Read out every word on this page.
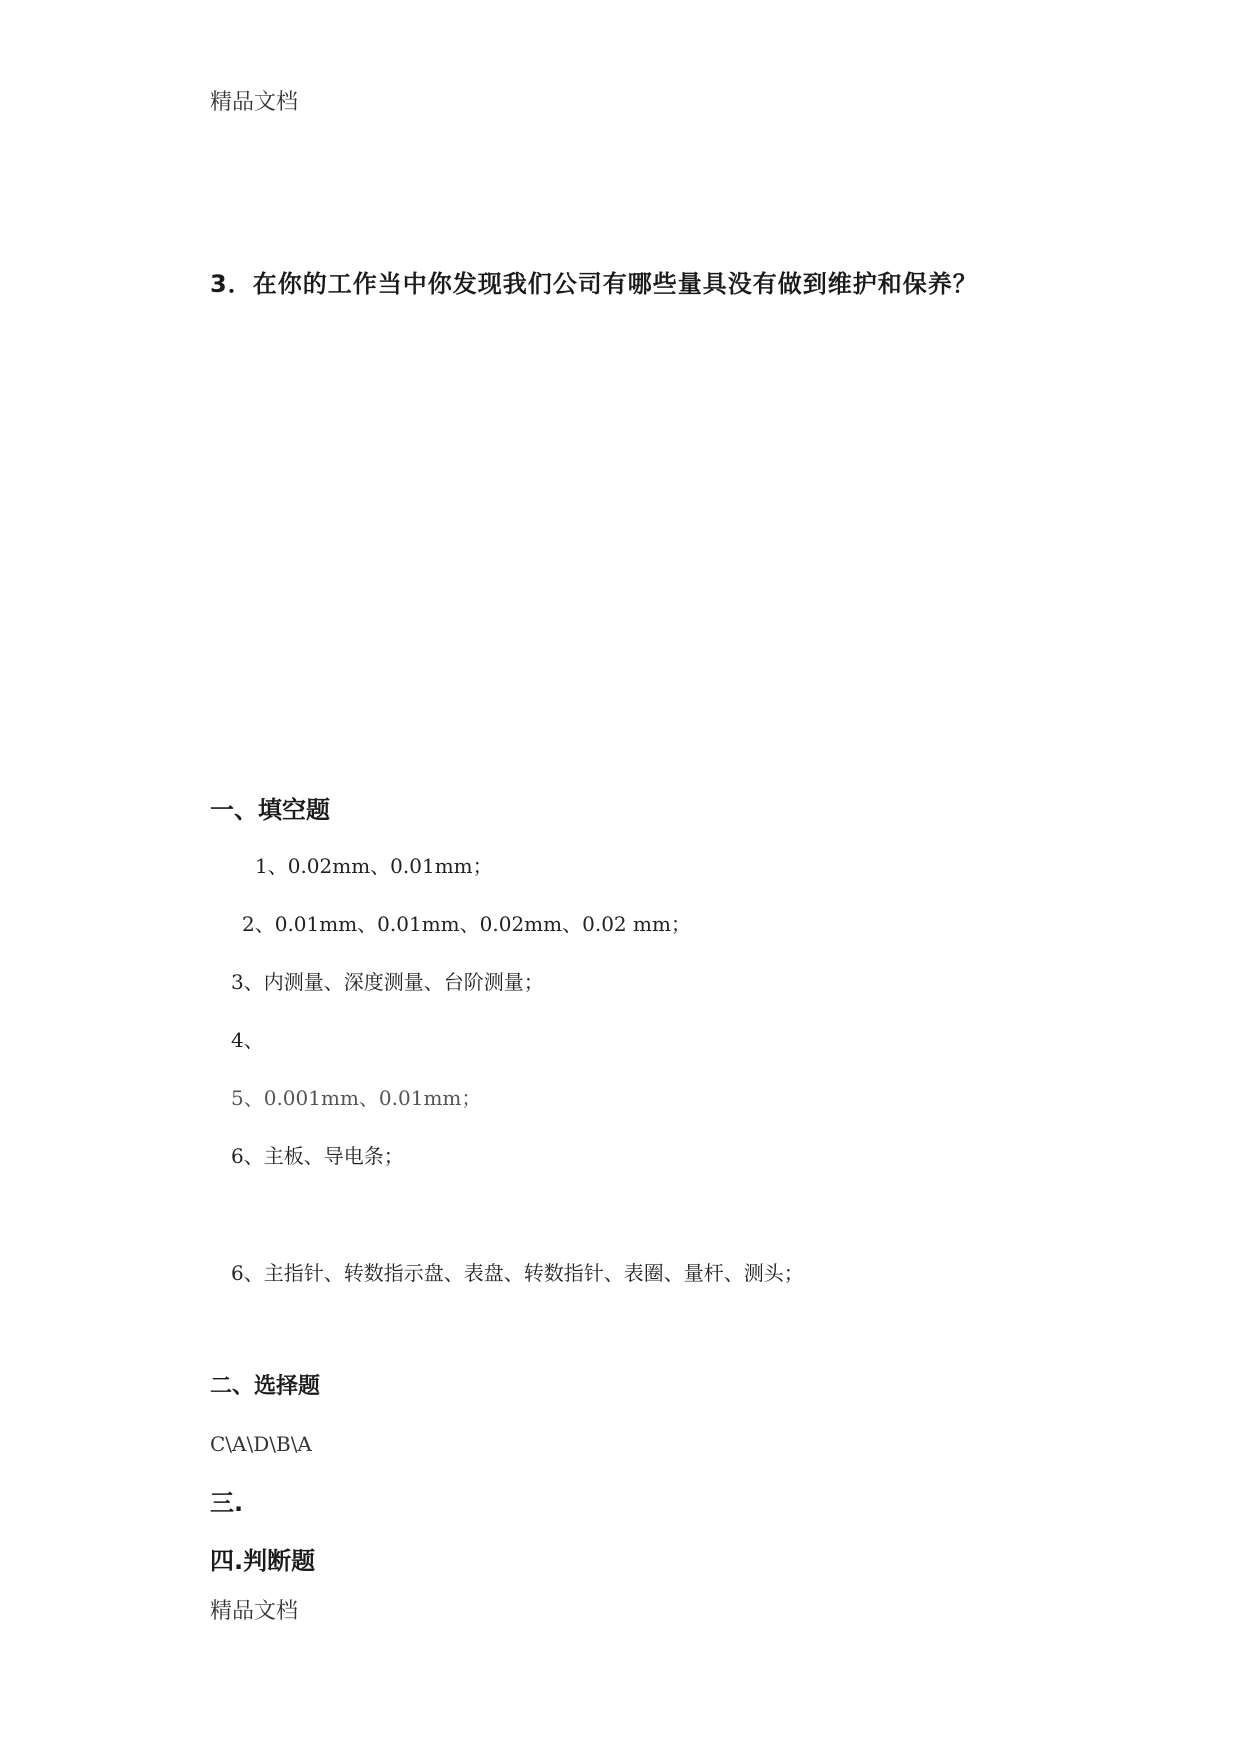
精品文档
3．在你的工作当中你发现我们公司有哪些量具没有做到维护和保养？
一、填空题
1、0.02mm、0.01mm；
2、0.01mm、0.01mm、0.02mm、0.02 mm；
3、内测量、深度测量、台阶测量；
4、
5、0.001mm、0.01mm；
6、主板、导电条；
6、主指针、转数指示盘、表盘、转数指针、表圈、量杆、测头；
二、选择题
C\A\D\B\A
三.
四.判断题
精品文档
